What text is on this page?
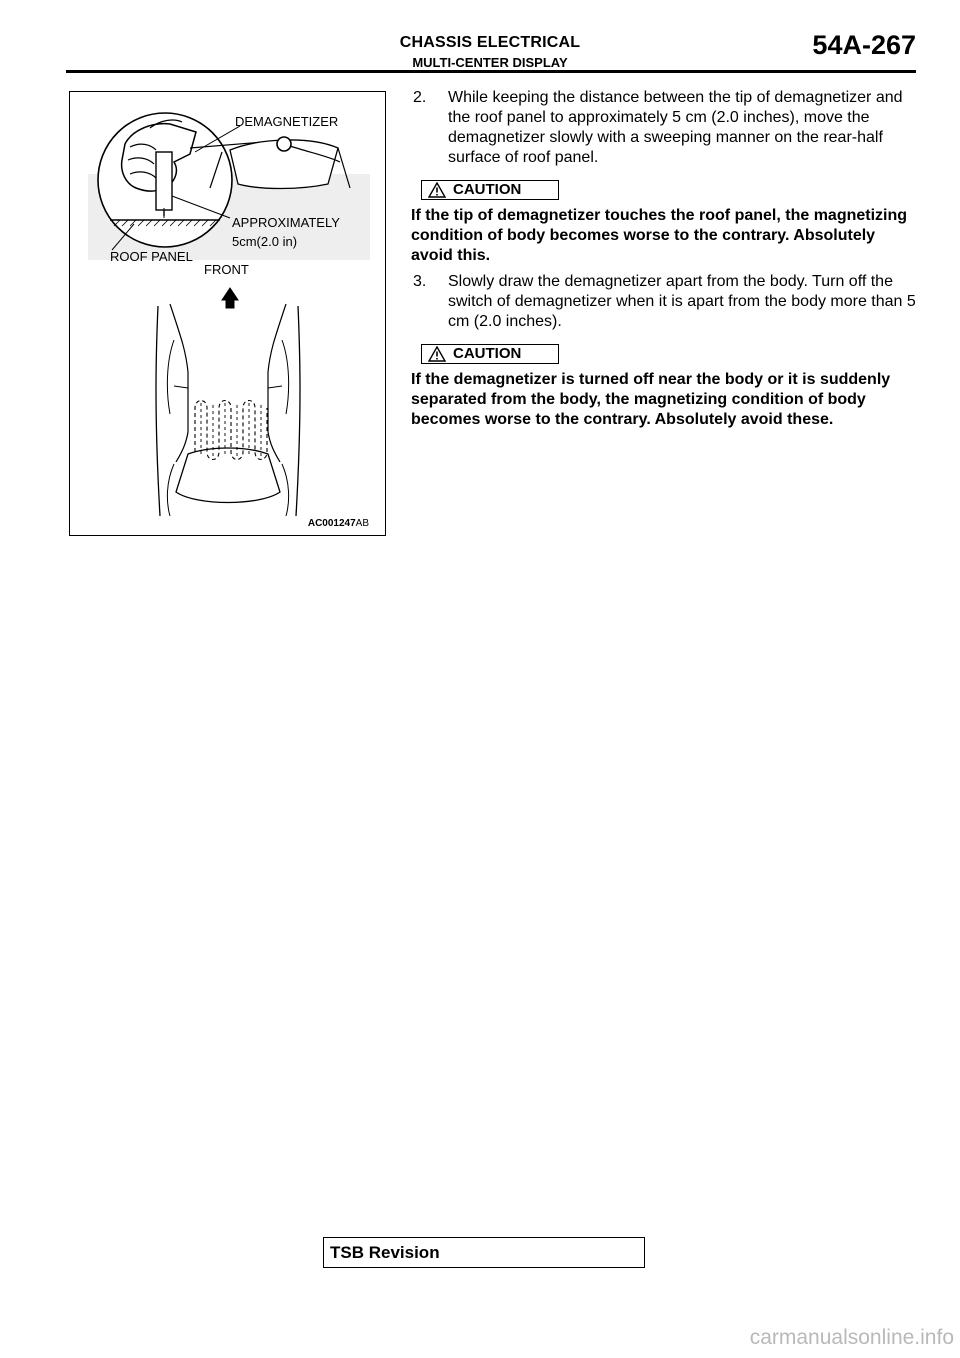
CHASSIS ELECTRICAL
MULTI-CENTER DISPLAY
54A-267
DEMAGNETIZER
APPROXIMATELY
5cm(2.0 in)
ROOF PANEL
FRONT
AC001247AB

2. While keeping the distance between the tip of demagnetizer and the roof panel to approximately 5 cm (2.0 inches), move the demagnetizer slowly with a sweeping manner on the rear-half surface of roof panel.

CAUTION

If the tip of demagnetizer touches the roof panel, the magnetizing condition of body becomes worse to the contrary. Absolutely avoid this.

3. Slowly draw the demagnetizer apart from the body. Turn off the switch of demagnetizer when it is apart from the body more than 5 cm (2.0 inches).

CAUTION

If the demagnetizer is turned off near the body or it is suddenly separated from the body, the magnetizing condition of body becomes worse to the contrary. Absolutely avoid these.

TSB Revision
carmanualsonline.info
